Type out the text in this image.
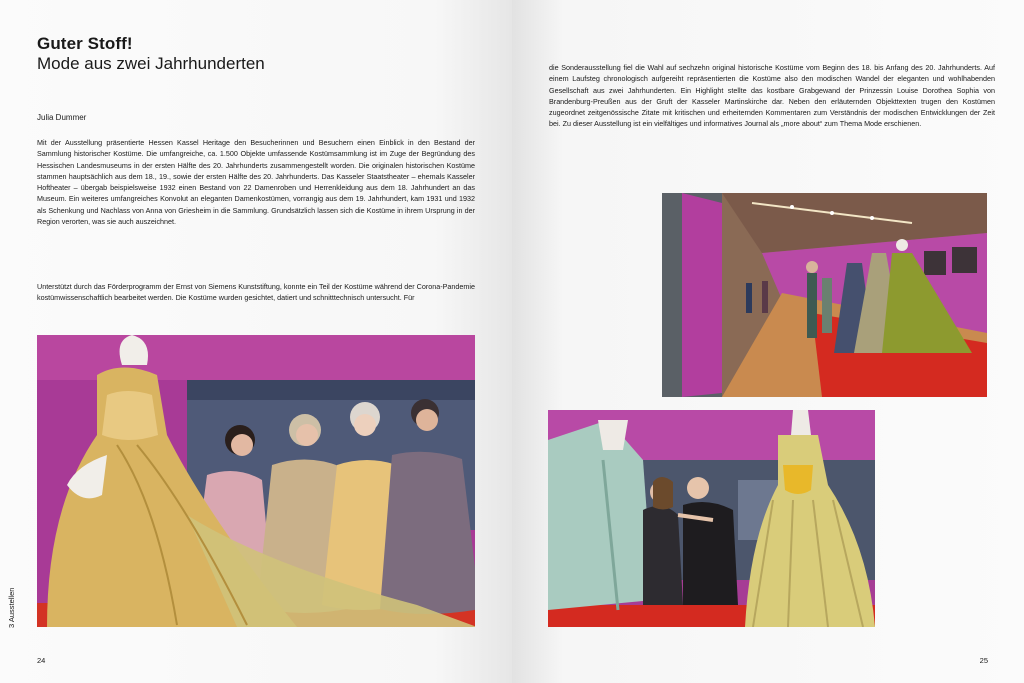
Guter Stoff!
Mode aus zwei Jahrhunderten
Julia Dummer

Mit der Ausstellung präsentierte Hessen Kassel Heritage den Besucherinnen und Besuchern einen Einblick in den Bestand der Sammlung historischer Kostüme. Die umfangreiche, ca. 1.500 Objekte umfassende Kostümsammlung ist im Zuge der Begründung des Hessischen Landesmuseums in der ersten Hälfte des 20. Jahrhunderts zusammengestellt worden. Die originalen historischen Kostüme stammen hauptsächlich aus dem 18., 19., sowie der ersten Hälfte des 20. Jahrhunderts. Das Kasseler Staatstheater – ehemals Kasseler Hoftheater – übergab beispielsweise 1932 einen Bestand von 22 Damenroben und Herrenkleidung aus dem 18. Jahrhundert an das Museum. Ein weiteres umfangreiches Konvolut an eleganten Damenkostümen, vorrangig aus dem 19. Jahrhundert, kam 1931 und 1932 als Schenkung und Nachlass von Anna von Griesheim in die Sammlung. Grundsätzlich lassen sich die Kostüme in ihrem Ursprung in der Region verorten, was sie auch auszeichnet.

Unterstützt durch das Förderprogramm der Ernst von Siemens Kunststiftung, konnte ein Teil der Kostüme während der Corona-Pandemie kostümwissenschaftlich bearbeitet werden. Die Kostüme wurden gesichtet, datiert und schnitttechnisch untersucht. Für

3 Ausstellen
24

die Sonderausstellung fiel die Wahl auf sechzehn original historische Kostüme vom Beginn des 18. bis Anfang des 20. Jahrhunderts. Auf einem Laufsteg chronologisch aufgereiht repräsentierten die Kostüme also den modischen Wandel der eleganten und wohlhabenden Gesellschaft aus zwei Jahrhunderten. Ein Highlight stellte das kostbare Grabgewand der Prinzessin Louise Dorothea Sophia von Brandenburg-Preußen aus der Gruft der Kasseler Martinskirche dar. Neben den erläuternden Objekttexten trugen den Kostümen zugeordnet zeitgenössische Zitate mit kritischen und erheiternden Kommentaren zum Verständnis der modischen Entwicklungen der Zeit bei. Zu dieser Ausstellung ist ein vielfältiges und informatives Journal als „more about“ zum Thema Mode erschienen.

25
